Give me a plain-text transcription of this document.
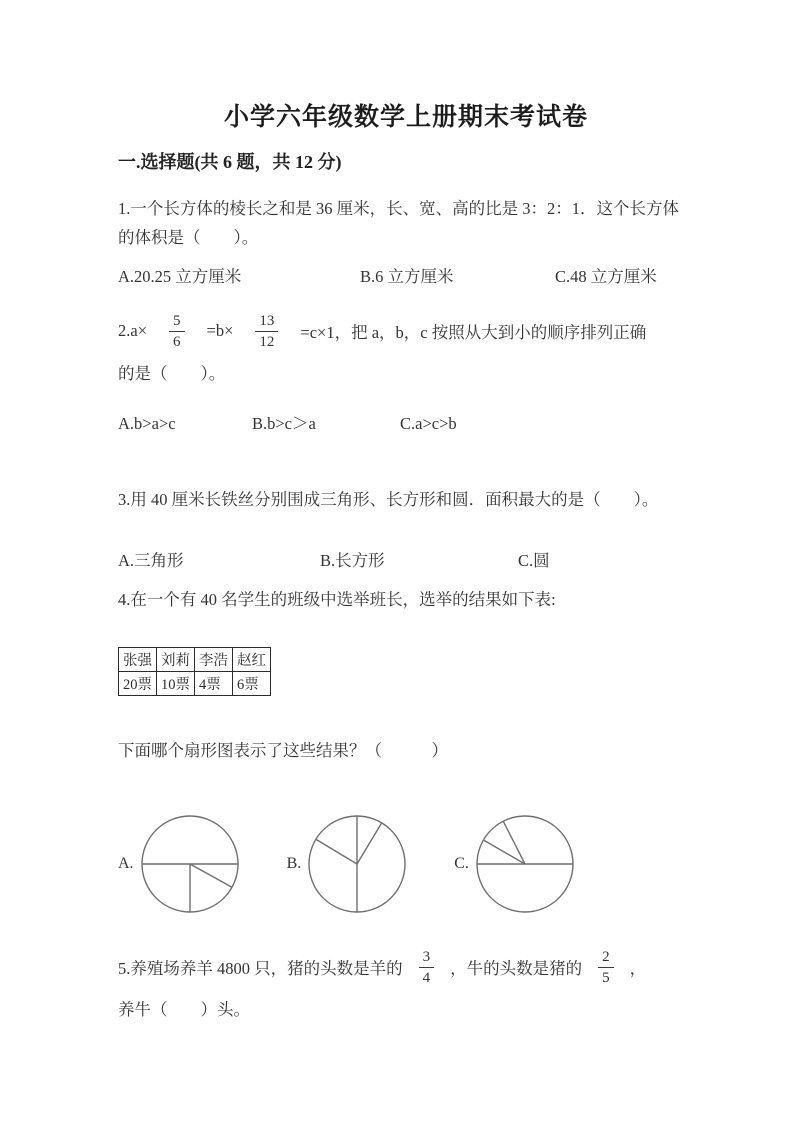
小学六年级数学上册期末考试卷
一.选择题(共 6 题，共 12 分)

1.一个长方体的棱长之和是 36 厘米，长、宽、高的比是 3：2：1．这个长方体
的体积是（　　）。

A.20.25 立方厘米	B.6 立方厘米	C.48 立方厘米
$2.a\times \frac{5}{6} =b\times \frac{13}{12} =c\times 1$，把 a，b，c 按照从大到小的顺序排列正确

的是（　　）。

A.b>a>c	B.b>c＞a	C.a>c>b

3.用 40 厘米长铁丝分别围成三角形、长方形和圆．面积最大的是（　　）。

A.三角形	B.长方形	C.圆

4.在一个有 40 名学生的班级中选举班长，选举的结果如下表:

张强	刘莉	李浩	赵红
20票	10票	4票	6票

下面哪个扇形图表示了这些结果？（　　　）

A.	B.	C.
5.养殖场养羊 4800 只，猪的头数是羊的 $\frac{3}{4}$ ，牛的头数是猪的 $\frac{2}{5}$ ，

养牛（　　）头。
